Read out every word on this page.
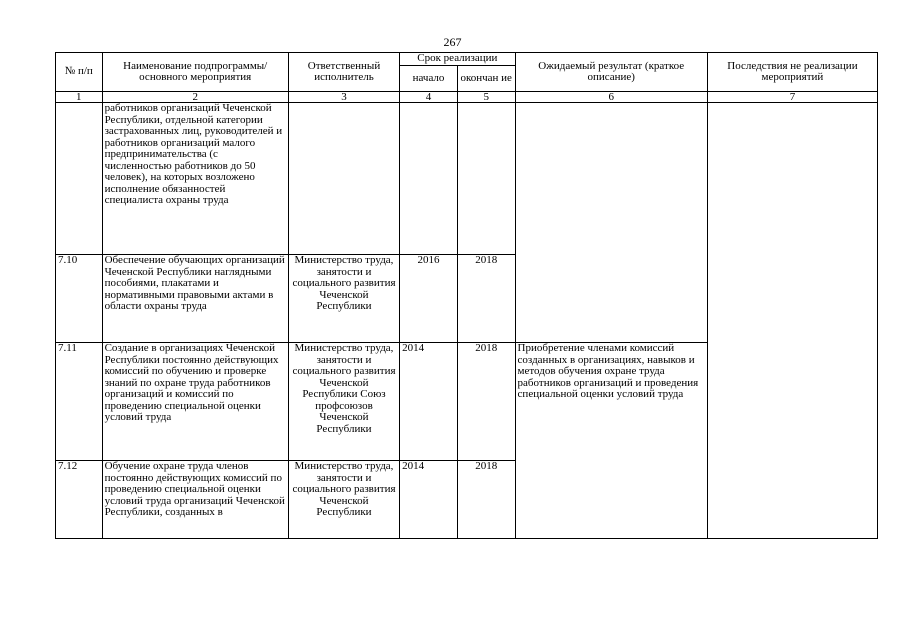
267
№ п/п	Наименование подпрограммы/ основного мероприятия	Ответственный исполнитель	Срок реализации		Ожидаемый результат (краткое описание)	Последствия не реализации мероприятий
			начало	окончан ие		
1	2	3	4	5	6	7
	работников организаций Чеченской Республики, отдельной категории застрахованных лиц, руководителей и работников организаций малого предпринимательства (с численностью работников до 50 человек), на которых возложено исполнение обязанностей специалиста охраны труда					
7.10	Обеспечение обучающих организаций Чеченской Республики наглядными пособиями, плакатами и нормативными правовыми актами в области охраны труда	Министерство труда, занятости и социального развития Чеченской Республики	2016	2018		
7.11	Создание в организациях Чеченской Республики постоянно действующих комиссий по обучению и проверке знаний по охране труда работников организаций и комиссий по проведению специальной оценки условий труда	Министерство труда, занятости и социального развития Чеченской Республики Союз профсоюзов Чеченской Республики	2014	2018	Приобретение членами комиссий созданных в организациях, навыков и методов обучения охране труда работников организаций и проведения специальной оценки условий труда	
7.12	Обучение охране труда членов постоянно действующих комиссий по проведению специальной оценки условий труда организаций Чеченской Республики, созданных в	Министерство труда, занятости и социального развития Чеченской Республики	2014	2018		
